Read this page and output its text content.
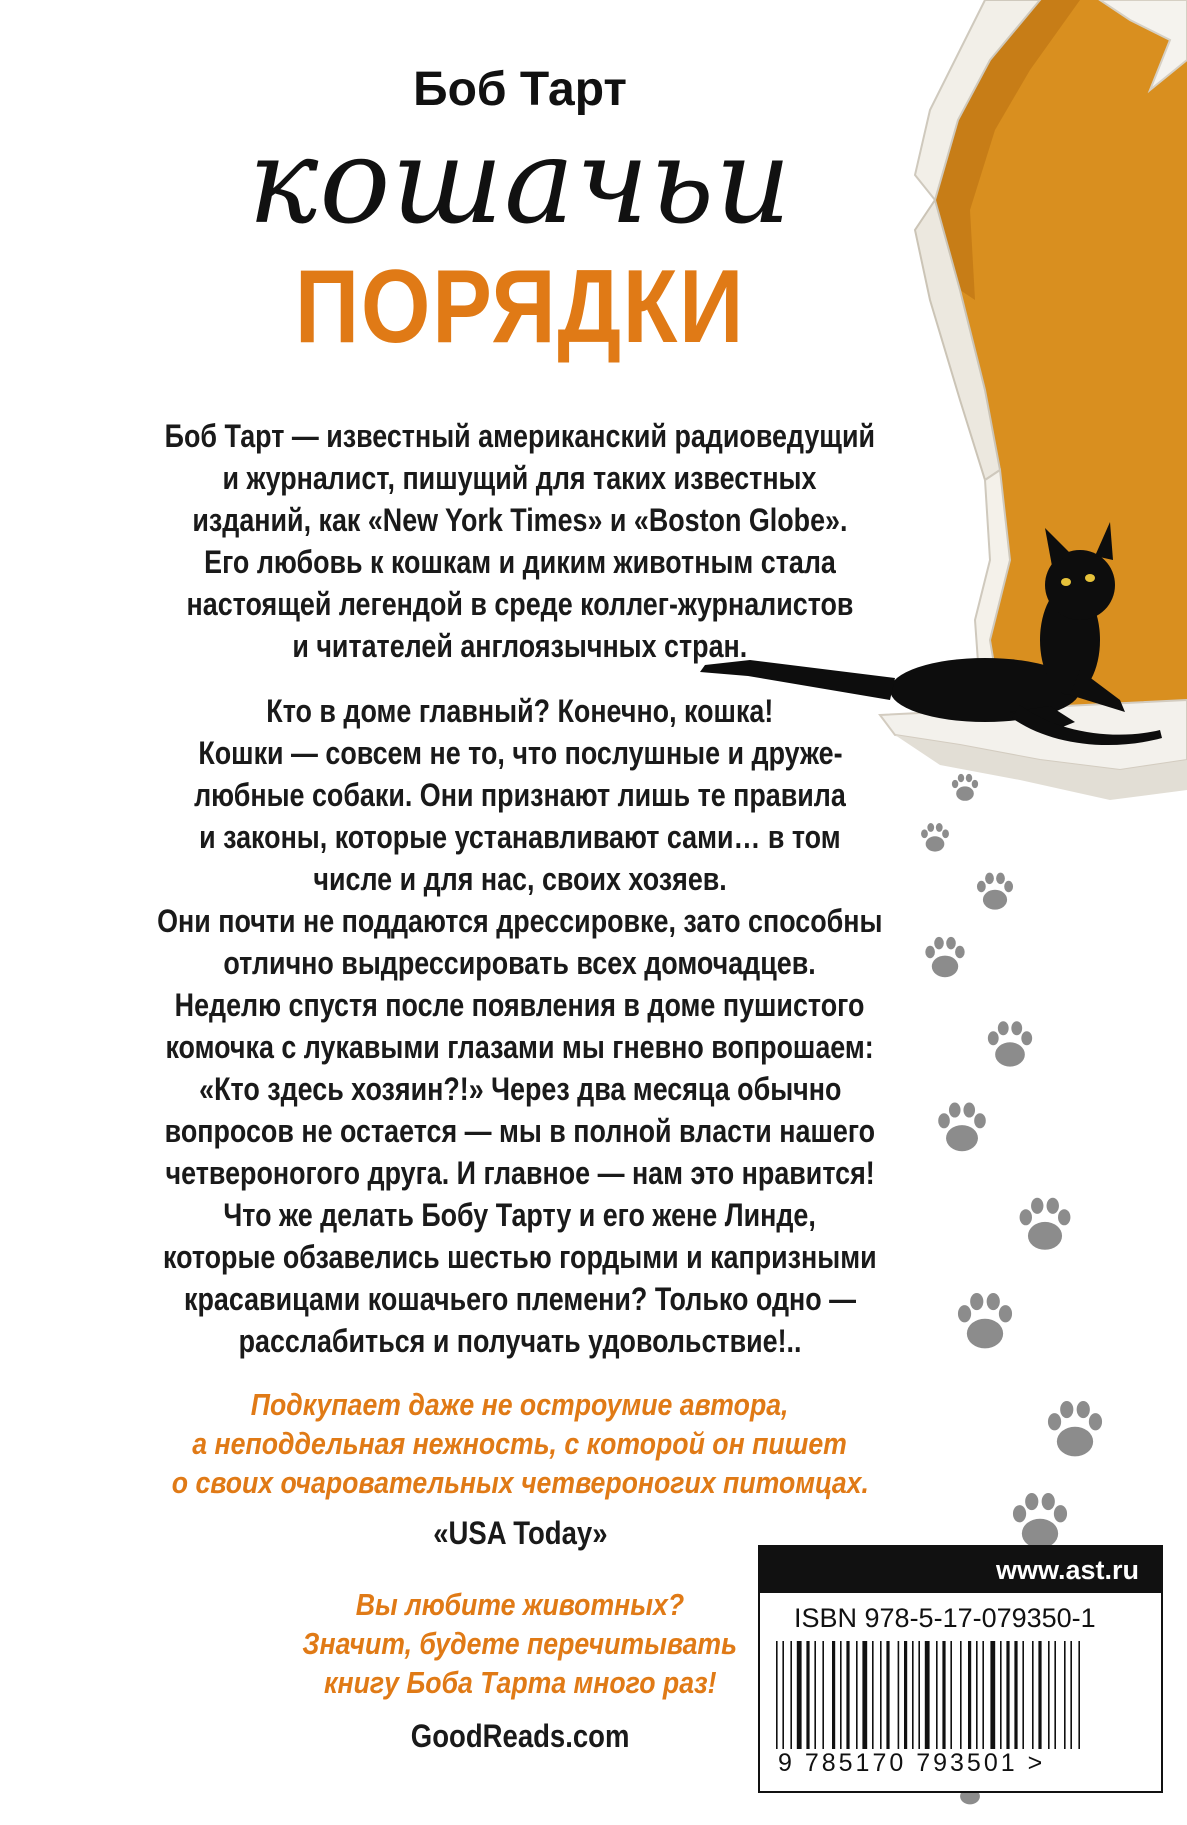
Боб Тарт
кошачьи
ПОРЯДКИ
Боб Тарт — известный американский радиоведущий
и журналист, пишущий для таких известных
изданий, как «New York Times» и «Boston Globe».
Его любовь к кошкам и диким животным стала
настоящей легендой в среде коллег-журналистов
и читателей англоязычных стран.
Кто в доме главный? Конечно, кошка!
Кошки — совсем не то, что послушные и друже-
любные собаки. Они признают лишь те правила
и законы, которые устанавливают сами… в том
числе и для нас, своих хозяев.
Они почти не поддаются дрессировке, зато способны
отлично выдрессировать всех домочадцев.
Неделю спустя после появления в доме пушистого
комочка с лукавыми глазами мы гневно вопрошаем:
«Кто здесь хозяин?!» Через два месяца обычно
вопросов не остается — мы в полной власти нашего
четвероногого друга. И главное — нам это нравится!
Что же делать Бобу Тарту и его жене Линде,
которые обзавелись шестью гордыми и капризными
красавицами кошачьего племени? Только одно —
расслабиться и получать удовольствие!..
Подкупает даже не остроумие автора,
а неподдельная нежность, с которой он пишет
о своих очаровательных четвероногих питомцах.
«USA Today»
Вы любите животных?
Значит, будете перечитывать
книгу Боба Тарта много раз!
GoodReads.com
www.ast.ru
ISBN 978-5-17-079350-1
9 785170 793501 >
